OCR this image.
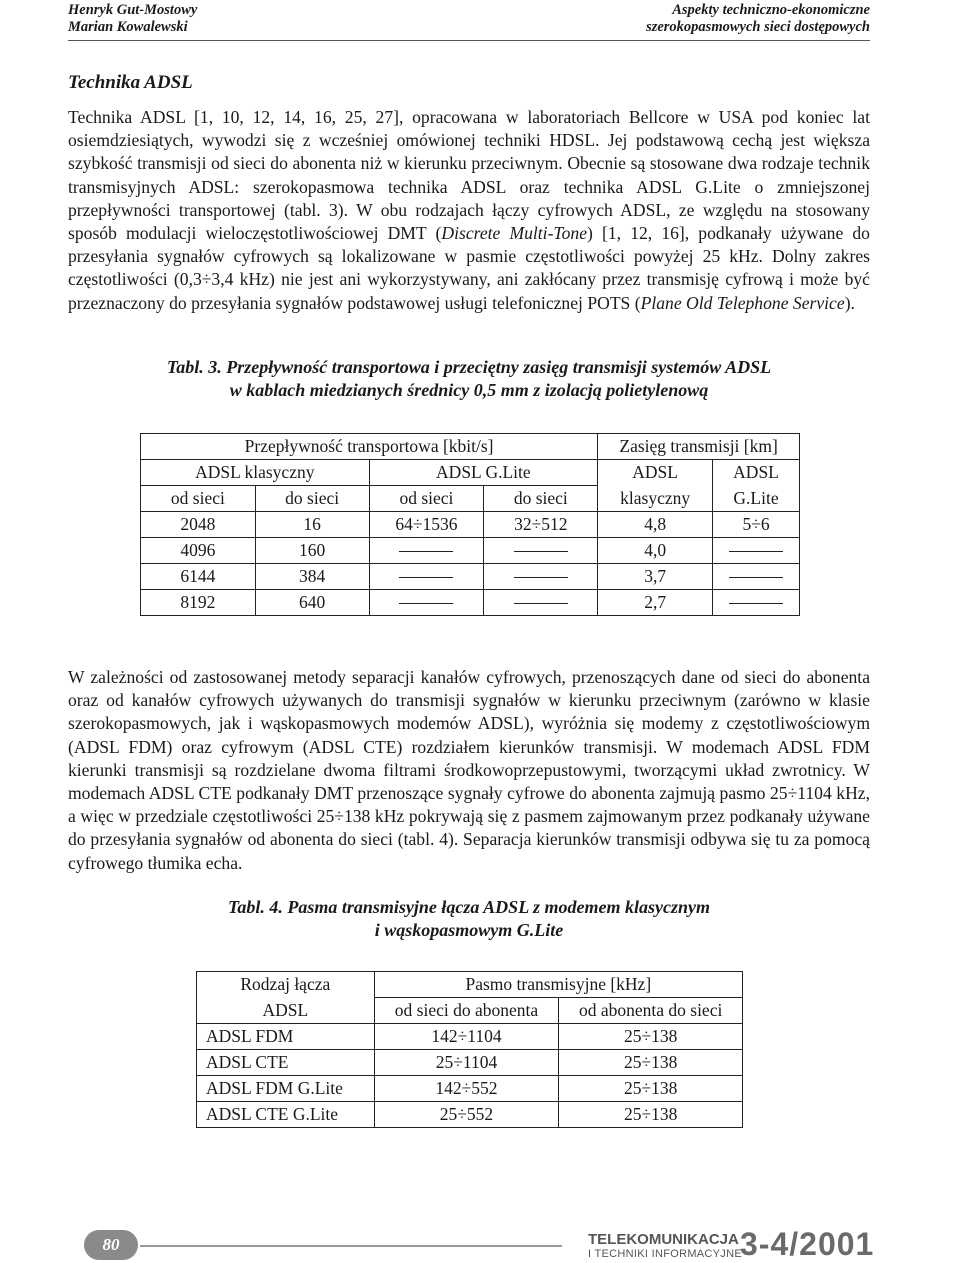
Henryk Gut-Mostowy
Marian Kowalewski
Aspekty techniczno-ekonomiczne
szerokopasmowych sieci dostępowych
Technika ADSL

Technika ADSL [1, 10, 12, 14, 16, 25, 27], opracowana w laboratoriach Bellcore w USA pod koniec lat osiemdziesiątych, wywodzi się z wcześniej omówionej techniki HDSL. Jej podstawową cechą jest większa szybkość transmisji od sieci do abonenta niż w kierunku przeciwnym. Obecnie są stosowane dwa rodzaje technik transmisyjnych ADSL: szerokopasmowa technika ADSL oraz technika ADSL G.Lite o zmniejszonej przepływności transportowej (tabl. 3). W obu rodzajach łączy cyfrowych ADSL, ze względu na stosowany sposób modulacji wieloczęstotliwościowej DMT (Discrete Multi-Tone) [1, 12, 16], podkanały używane do przesyłania sygnałów cyfrowych są lokalizowane w pasmie częstotliwości powyżej 25 kHz. Dolny zakres częstotliwości (0,3÷3,4 kHz) nie jest ani wykorzystywany, ani zakłócany przez transmisję cyfrową i może być przeznaczony do przesyłania sygnałów podstawowej usługi telefonicznej POTS (Plane Old Telephone Service).

Tabl. 3. Przepływność transportowa i przeciętny zasięg transmisji systemów ADSL
w kablach miedzianych średnicy 0,5 mm z izolacją polietylenową
Przepływność transportowa [kbit/s]				Zasięg transmisji [km]	
ADSL klasyczny		ADSL G.Lite		ADSL	ADSL
od sieci	do sieci	od sieci	do sieci	klasyczny	G.Lite
2048	16	64÷1536	32÷512	4,8	5÷6
4096	160			4,0	
6144	384			3,7	
8192	640			2,7	

W zależności od zastosowanej metody separacji kanałów cyfrowych, przenoszących dane od sieci do abonenta oraz od kanałów cyfrowych używanych do transmisji sygnałów w kierunku przeciwnym (zarówno w klasie szerokopasmowych, jak i wąskopasmowych modemów ADSL), wyróżnia się modemy z częstotliwościowym (ADSL FDM) oraz cyfrowym (ADSL CTE) rozdziałem kierunków transmisji. W modemach ADSL FDM kierunki transmisji są rozdzielane dwoma filtrami środkowoprzepustowymi, tworzącymi układ zwrotnicy. W modemach ADSL CTE podkanały DMT przenoszące sygnały cyfrowe do abonenta zajmują pasmo 25÷1104 kHz, a więc w przedziale częstotliwości 25÷138 kHz pokrywają się z pasmem zajmowanym przez podkanały używane do przesyłania sygnałów od abonenta do sieci (tabl. 4). Separacja kierunków transmisji odbywa się tu za pomocą cyfrowego tłumika echa.

Tabl. 4. Pasma transmisyjne łącza ADSL z modemem klasycznym
i wąskopasmowym G.Lite
Rodzaj łącza	Pasmo transmisyjne [kHz]	
ADSL	od sieci do abonenta	od abonenta do sieci
ADSL FDM	142÷1104	25÷138
ADSL CTE	25÷1104	25÷138
ADSL FDM G.Lite	142÷552	25÷138
ADSL CTE G.Lite	25÷552	25÷138
80	TELEKOMUNIKACJA
I TECHNIKI INFORMACYJNE
3-4/2001
